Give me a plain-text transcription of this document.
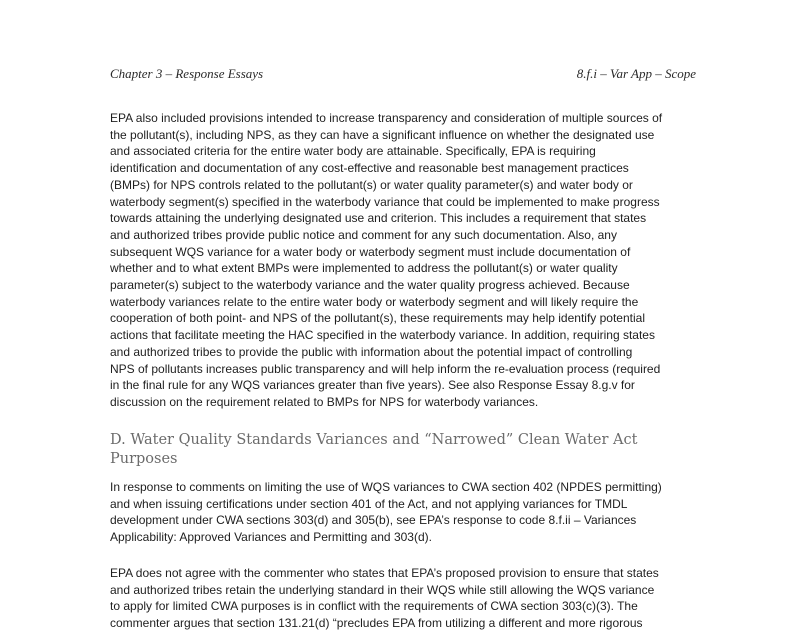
Chapter 3 – Response Essays	8.f.i – Var App – Scope

EPA also included provisions intended to increase transparency and consideration of multiple sources of
the pollutant(s), including NPS, as they can have a significant influence on whether the designated use
and associated criteria for the entire water body are attainable. Specifically, EPA is requiring
identification and documentation of any cost-effective and reasonable best management practices
(BMPs) for NPS controls related to the pollutant(s) or water quality parameter(s) and water body or
waterbody segment(s) specified in the waterbody variance that could be implemented to make progress
towards attaining the underlying designated use and criterion. This includes a requirement that states
and authorized tribes provide public notice and comment for any such documentation. Also, any
subsequent WQS variance for a water body or waterbody segment must include documentation of
whether and to what extent BMPs were implemented to address the pollutant(s) or water quality
parameter(s) subject to the waterbody variance and the water quality progress achieved. Because
waterbody variances relate to the entire water body or waterbody segment and will likely require the
cooperation of both point- and NPS of the pollutant(s), these requirements may help identify potential
actions that facilitate meeting the HAC specified in the waterbody variance. In addition, requiring states
and authorized tribes to provide the public with information about the potential impact of controlling
NPS of pollutants increases public transparency and will help inform the re-evaluation process (required
in the final rule for any WQS variances greater than five years). See also Response Essay 8.g.v for
discussion on the requirement related to BMPs for NPS for waterbody variances.

D. Water Quality Standards Variances and “Narrowed” Clean Water Act
Purposes

In response to comments on limiting the use of WQS variances to CWA section 402 (NPDES permitting)
and when issuing certifications under section 401 of the Act, and not applying variances for TMDL
development under CWA sections 303(d) and 305(b), see EPA’s response to code 8.f.ii – Variances
Applicability: Approved Variances and Permitting and 303(d).

EPA does not agree with the commenter who states that EPA’s proposed provision to ensure that states
and authorized tribes retain the underlying standard in their WQS while still allowing the WQS variance
to apply for limited CWA purposes is in conflict with the requirements of CWA section 303(c)(3). The
commenter argues that section 131.21(d) “precludes EPA from utilizing a different and more rigorous
